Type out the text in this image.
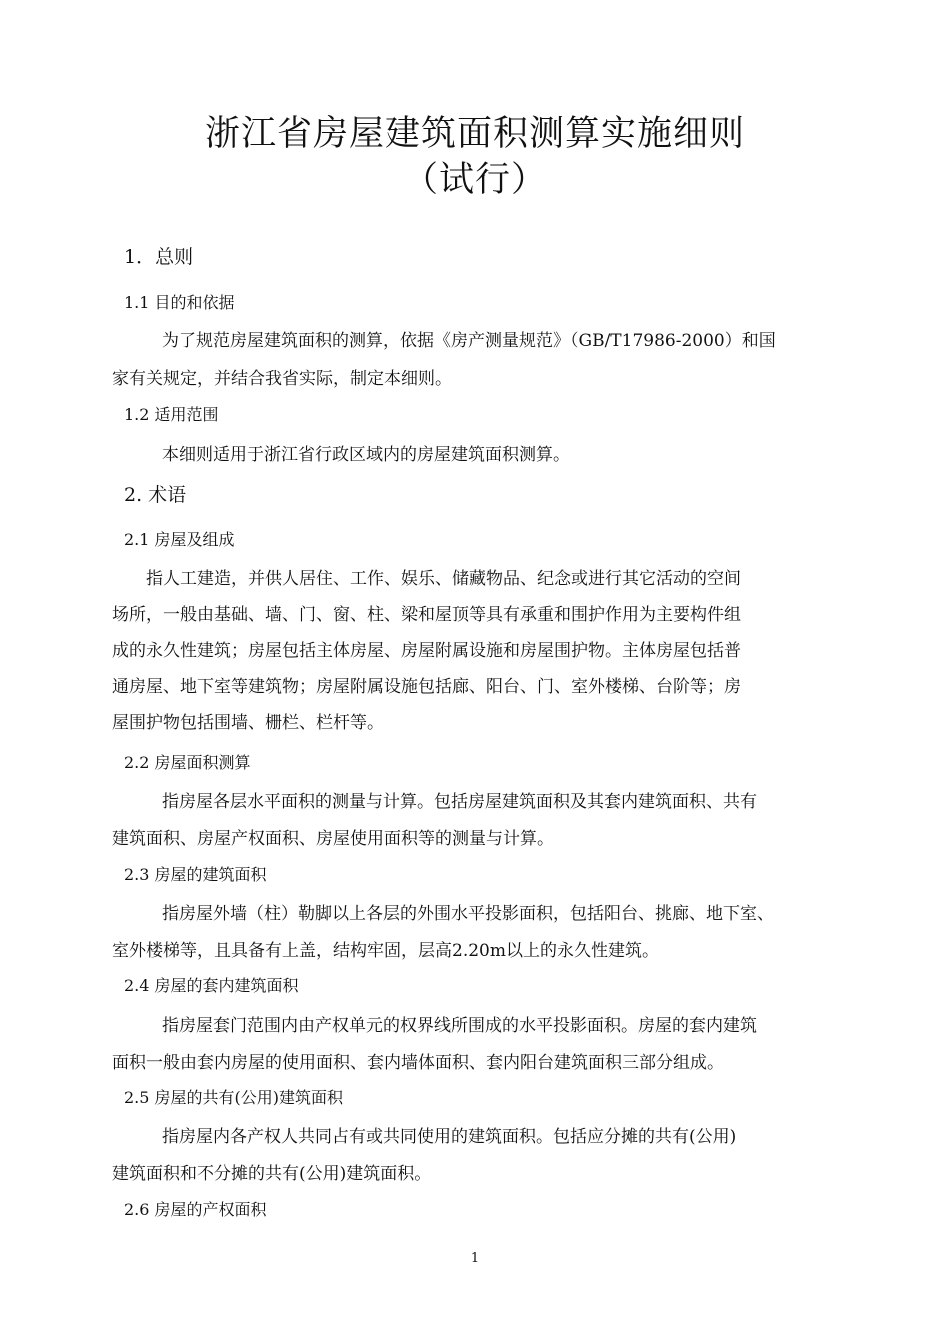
浙江省房屋建筑面积测算实施细则
（试行）
1．总则
1.1 目的和依据
为了规范房屋建筑面积的测算，依据《房产测量规范》（GB/T17986-2000）和国
家有关规定，并结合我省实际，制定本细则。
1.2 适用范围
本细则适用于浙江省行政区域内的房屋建筑面积测算。
2. 术语
2.1 房屋及组成
指人工建造，并供人居住、工作、娱乐、储藏物品、纪念或进行其它活动的空间
场所，一般由基础、墙、门、窗、柱、梁和屋顶等具有承重和围护作用为主要构件组
成的永久性建筑；房屋包括主体房屋、房屋附属设施和房屋围护物。主体房屋包括普
通房屋、地下室等建筑物；房屋附属设施包括廊、阳台、门、室外楼梯、台阶等；房
屋围护物包括围墙、栅栏、栏杆等。
2.2 房屋面积测算
指房屋各层水平面积的测量与计算。包括房屋建筑面积及其套内建筑面积、共有
建筑面积、房屋产权面积、房屋使用面积等的测量与计算。
2.3 房屋的建筑面积
指房屋外墙（柱）勒脚以上各层的外围水平投影面积，包括阳台、挑廊、地下室、
室外楼梯等，且具备有上盖，结构牢固，层高2.20m以上的永久性建筑。
2.4 房屋的套内建筑面积
指房屋套门范围内由产权单元的权界线所围成的水平投影面积。房屋的套内建筑
面积一般由套内房屋的使用面积、套内墙体面积、套内阳台建筑面积三部分组成。
2.5 房屋的共有(公用)建筑面积
指房屋内各产权人共同占有或共同使用的建筑面积。包括应分摊的共有(公用)
建筑面积和不分摊的共有(公用)建筑面积。
2.6 房屋的产权面积
1
